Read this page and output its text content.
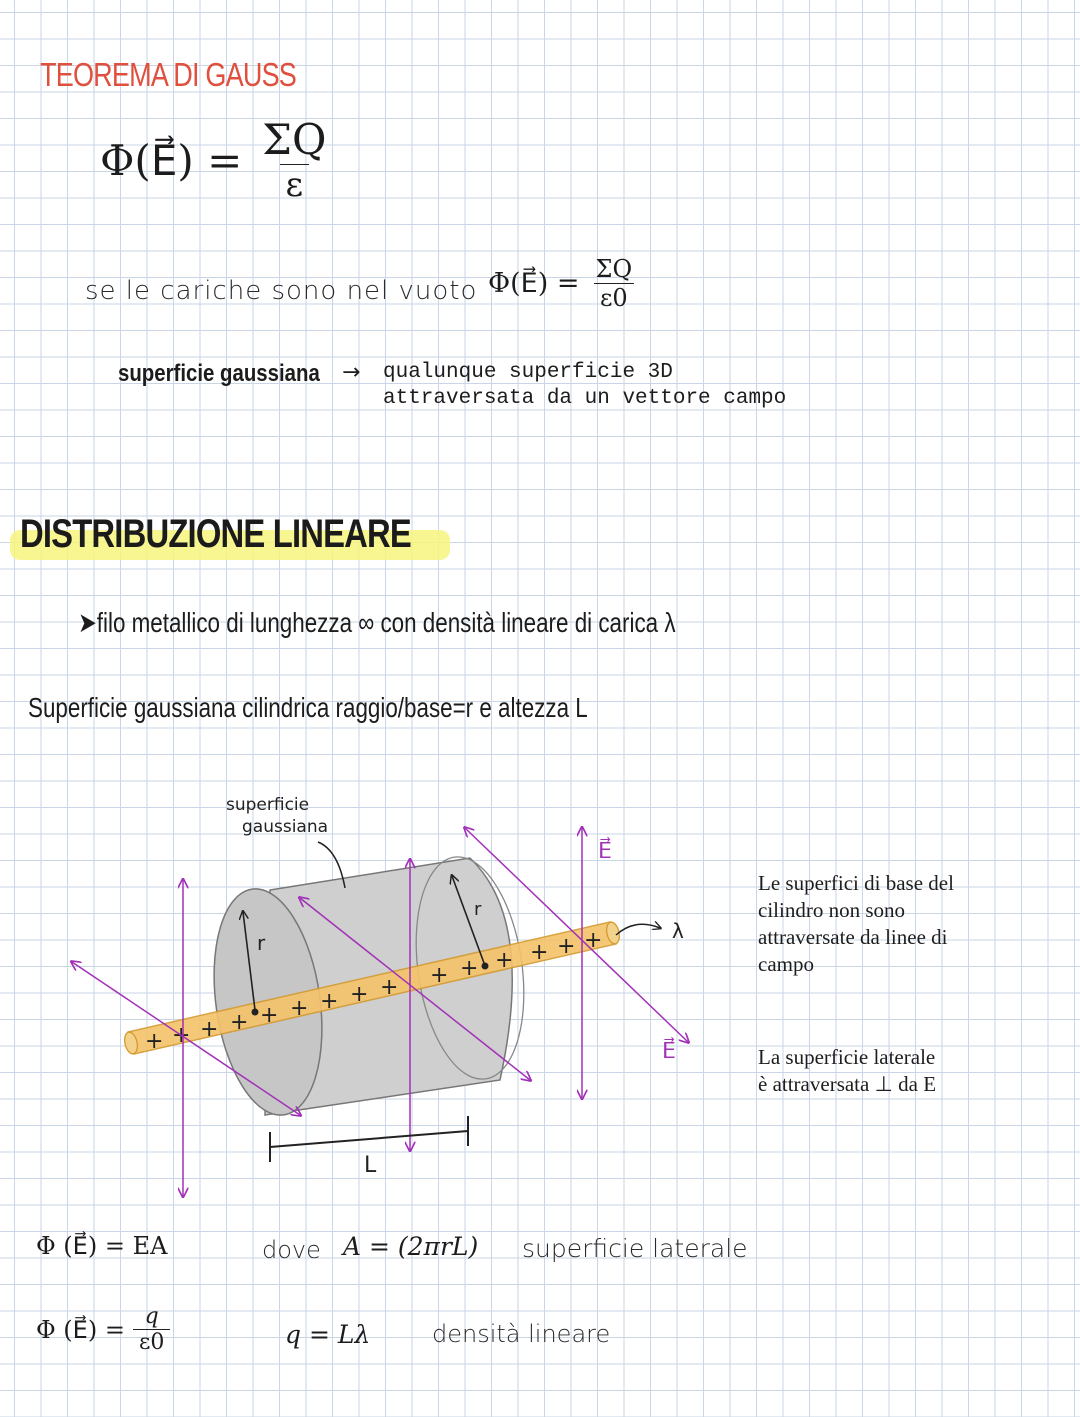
TEOREMA DI GAUSS
Φ(E⃗) = $\frac{\Sigma Q}{\varepsilon}$
se le cariche sono nel vuoto Φ(E⃗) = $\frac{\Sigma Q}{\varepsilon 0}$
superficie gaussiana → qualunque superficie 3D
attraversata da un vettore campo
DISTRIBUZIONE LINEARE
➤filo metallico di lunghezza ∞ con densità lineare di carica λ
Superficie gaussiana cilindrica raggio/base=r e altezza L
+ + + + + + + + + + + + + + +
r
r
L
superficie
gaussiana
λ
E⃗
E⃗
Le superfici di base del
cilindro non sono
attraversate da linee di
campo
La superficie laterale
è attraversata ⊥ da E
Φ (E⃗) = EA	dove A = (2πrL) superficie laterale
Φ (E⃗) = $\frac{q}{\varepsilon 0}$	q = Lλ	densità lineare
